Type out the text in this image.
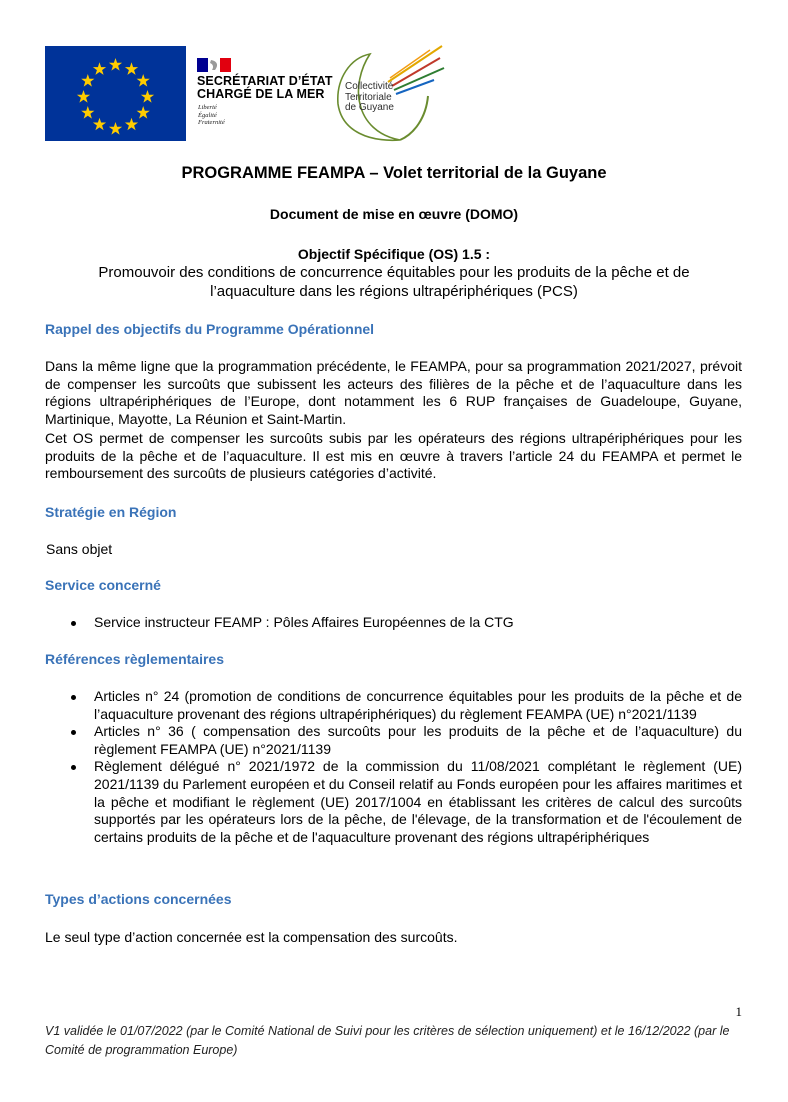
SECRÉTARIAT D’ÉTAT
CHARGÉ DE LA MER
Liberté
Égalité
Fraternité
Collectivité
Territoriale
de Guyane
PROGRAMME FEAMPA – Volet territorial de la Guyane
Document de mise en œuvre (DOMO)
Objectif Spécifique (OS) 1.5 :
Promouvoir des conditions de concurrence équitables pour les produits de la pêche et de
l’aquaculture dans les régions ultrapériphériques (PCS)
Rappel des objectifs du Programme Opérationnel
Dans la même ligne que la programmation précédente, le FEAMPA, pour sa programmation 2021/2027, prévoit de compenser les surcoûts que subissent les acteurs des filières de la pêche et de l’aquaculture dans les régions ultrapériphériques de l’Europe, dont notamment les 6 RUP françaises de Guadeloupe, Guyane, Martinique, Mayotte, La Réunion et Saint-Martin.
Cet OS permet de compenser les surcoûts subis par les opérateurs des régions ultrapériphériques pour les produits de la pêche et de l’aquaculture. Il est mis en œuvre à travers l’article 24 du FEAMPA et permet le remboursement des surcoûts de plusieurs catégories d’activité.
Stratégie en Région
Sans objet
Service concerné
Service instructeur FEAMP : Pôles Affaires Européennes de la CTG
Références règlementaires
Articles n° 24 (promotion de conditions de concurrence équitables pour les produits de la pêche et de l’aquaculture provenant des régions ultrapériphériques) du règlement FEAMPA (UE) n°2021/1139
Articles n° 36 ( compensation des surcoûts pour les produits de la pêche et de l’aquaculture) du règlement FEAMPA (UE) n°2021/1139
Règlement délégué n° 2021/1972 de la commission du 11/08/2021 complétant le règlement (UE) 2021/1139 du Parlement européen et du Conseil relatif au Fonds européen pour les affaires maritimes et la pêche et modifiant le règlement (UE) 2017/1004 en établissant les critères de calcul des surcoûts supportés par les opérateurs lors de la pêche, de l'élevage, de la transformation et de l'écoulement de certains produits de la pêche et de l'aquaculture provenant des régions ultrapériphériques
Types d’actions concernées
Le seul type d’action concernée est la compensation des surcoûts.
1
V1 validée le 01/07/2022 (par le Comité National de Suivi pour les critères de sélection uniquement) et le 16/12/2022 (par le Comité de programmation Europe)
